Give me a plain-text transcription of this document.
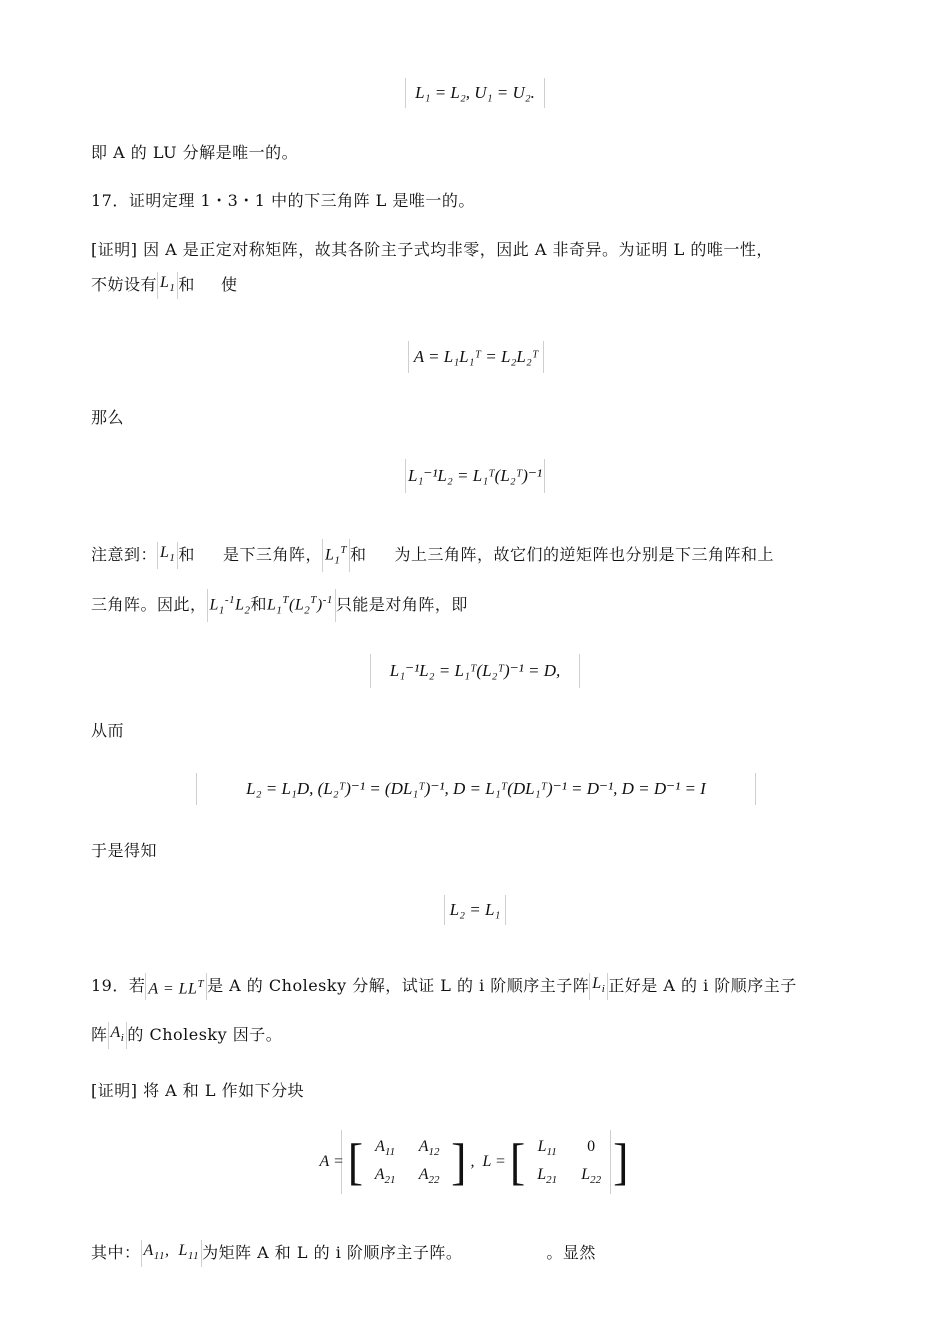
L₁ = L₂, U₁ = U₂.
即 A 的 LU 分解是唯一的。
17．证明定理 1・3・1 中的下三角阵 L 是唯一的。
[证明] 因 A 是正定对称矩阵，故其各阶主子式均非零，因此 A 非奇异。为证明 L 的唯一性，
不妨设有 $L_1$ 和 使
A = L₁L₁ᵀ = L₂L₂ᵀ
那么
L₁⁻¹L₂ = L₁ᵀ(L₂ᵀ)⁻¹
注意到： $L_1$ 和 是下三角阵， $L_1^T$ 和 为上三角阵，故它们的逆矩阵也分别是下三角阵和上
三角阵。因此， $L_1^{-1}L_2$和$L_1^T(L_2^T)^{-1}$ 只能是对角阵，即
L₁⁻¹L₂ = L₁ᵀ(L₂ᵀ)⁻¹ = D,
从而
L₂ = L₁D, (L₂ᵀ)⁻¹ = (DL₁ᵀ)⁻¹, D = L₁ᵀ(DL₁ᵀ)⁻¹ = D⁻¹, D = D⁻¹ = I
于是得知
L₂ = L₁
19．若 $A = LL^T$ 是 A 的 Cholesky 分解，试证 L 的 i 阶顺序主子阵 $L_i$ 正好是 A 的 i 阶顺序主子
阵 $A_i$ 的 Cholesky 因子。
[证明] 将 A 和 L 作如下分块
A = [ $A_{11}$	$A_{12}$
$A_{21}$	$A_{22}$ ] ,  L = [ $L_{11}$	0
$L_{21}$	$L_{22}$ ]
其中： $A_{11}$,  $L_{11}$ 为矩阵 A 和 L 的 i 阶顺序主子阵。	。显然
